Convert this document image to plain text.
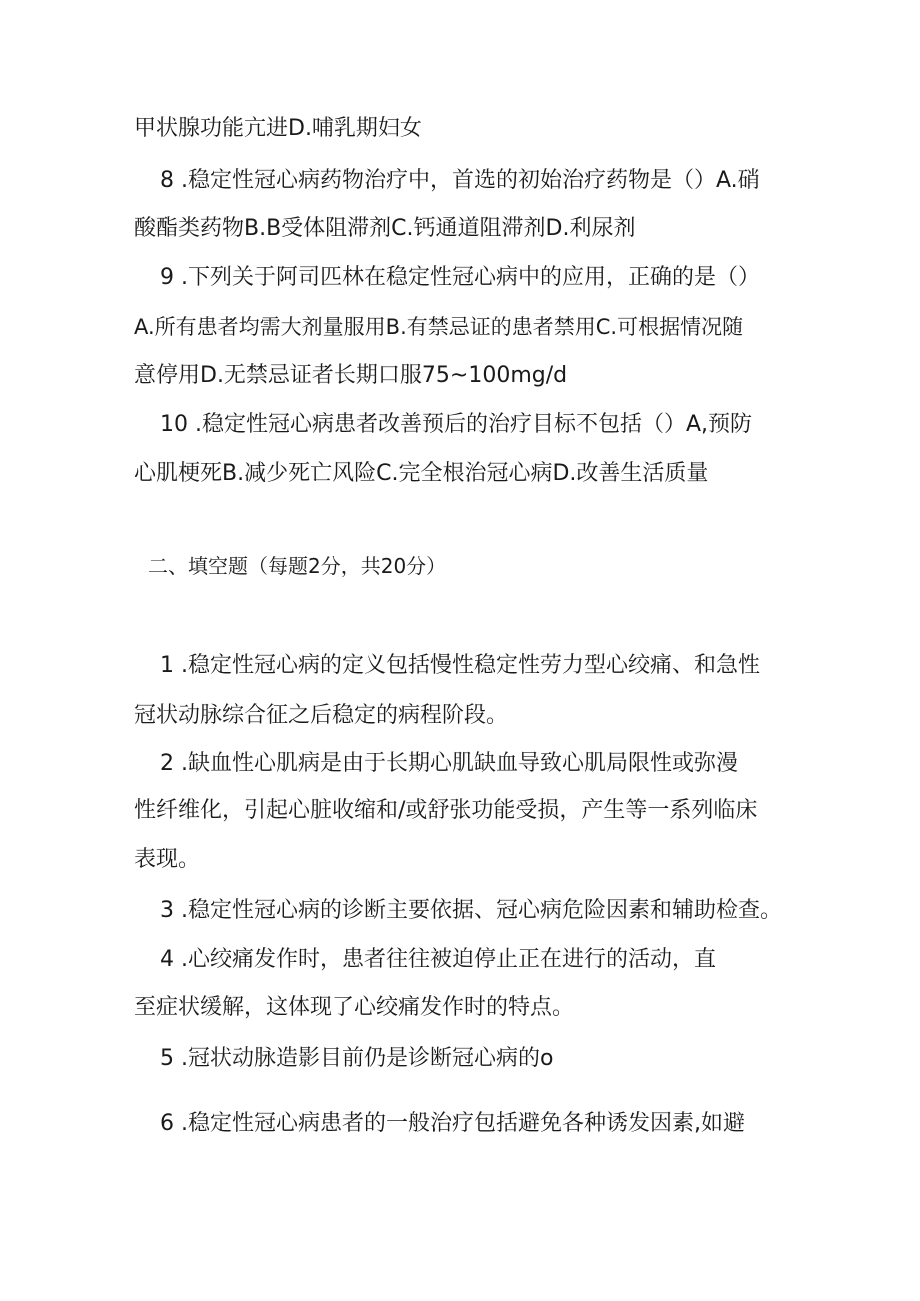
甲状腺功能亢进D.哺乳期妇女
8 .稳定性冠心病药物治疗中，首选的初始治疗药物是（）A.硝
酸酯类药物B.B受体阻滞剂C.钙通道阻滞剂D.利尿剂
9 .下列关于阿司匹林在稳定性冠心病中的应用，正确的是（）
A.所有患者均需大剂量服用B.有禁忌证的患者禁用C.可根据情况随
意停用D.无禁忌证者长期口服75~100mg/d
10 .稳定性冠心病患者改善预后的治疗目标不包括（）A,预防
心肌梗死B.减少死亡风险C.完全根治冠心病D.改善生活质量
二、填空题（每题2分，共20分）
1 .稳定性冠心病的定义包括慢性稳定性劳力型心绞痛、和急性
冠状动脉综合征之后稳定的病程阶段。
2 .缺血性心肌病是由于长期心肌缺血导致心肌局限性或弥漫
性纤维化，引起心脏收缩和/或舒张功能受损，产生等一系列临床
表现。
3 .稳定性冠心病的诊断主要依据、冠心病危险因素和辅助检查。
4 .心绞痛发作时，患者往往被迫停止正在进行的活动，直
至症状缓解，这体现了心绞痛发作时的特点。
5 .冠状动脉造影目前仍是诊断冠心病的o
6 .稳定性冠心病患者的一般治疗包括避免各种诱发因素,如避
